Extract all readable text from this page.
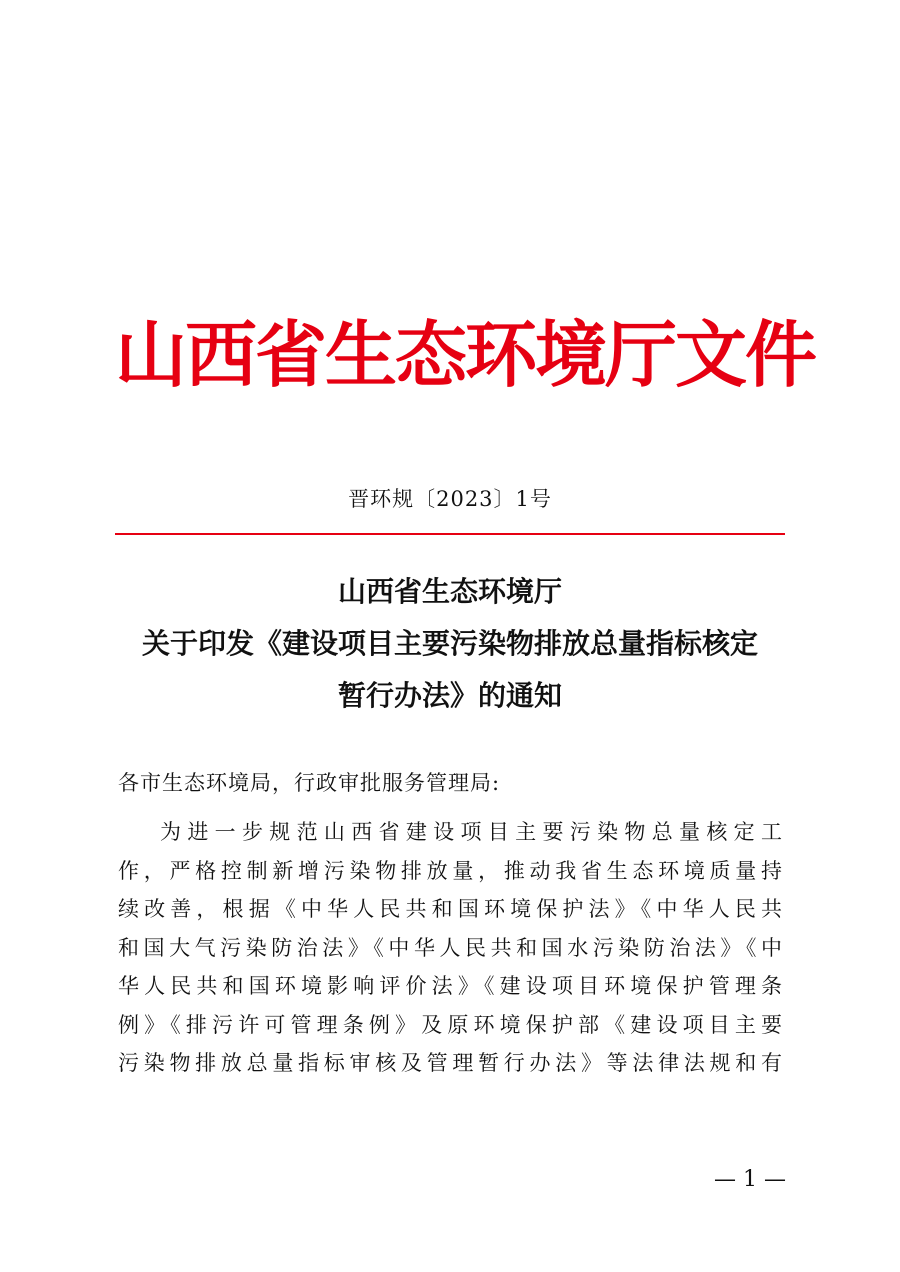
山西省生态环境厅文件
晋环规〔2023〕1号
山西省生态环境厅
关于印发《建设项目主要污染物排放总量指标核定
暂行办法》的通知
各市生态环境局，行政审批服务管理局:
为进一步规范山西省建设项目主要污染物总量核定工
作，严格控制新增污染物排放量，推动我省生态环境质量持
续改善，根据《中华人民共和国环境保护法》《中华人民共
和国大气污染防治法》《中华人民共和国水污染防治法》《中
华人民共和国环境影响评价法》《建设项目环境保护管理条
例》《排污许可管理条例》及原环境保护部《建设项目主要
污染物排放总量指标审核及管理暂行办法》等法律法规和有
— 1 —
